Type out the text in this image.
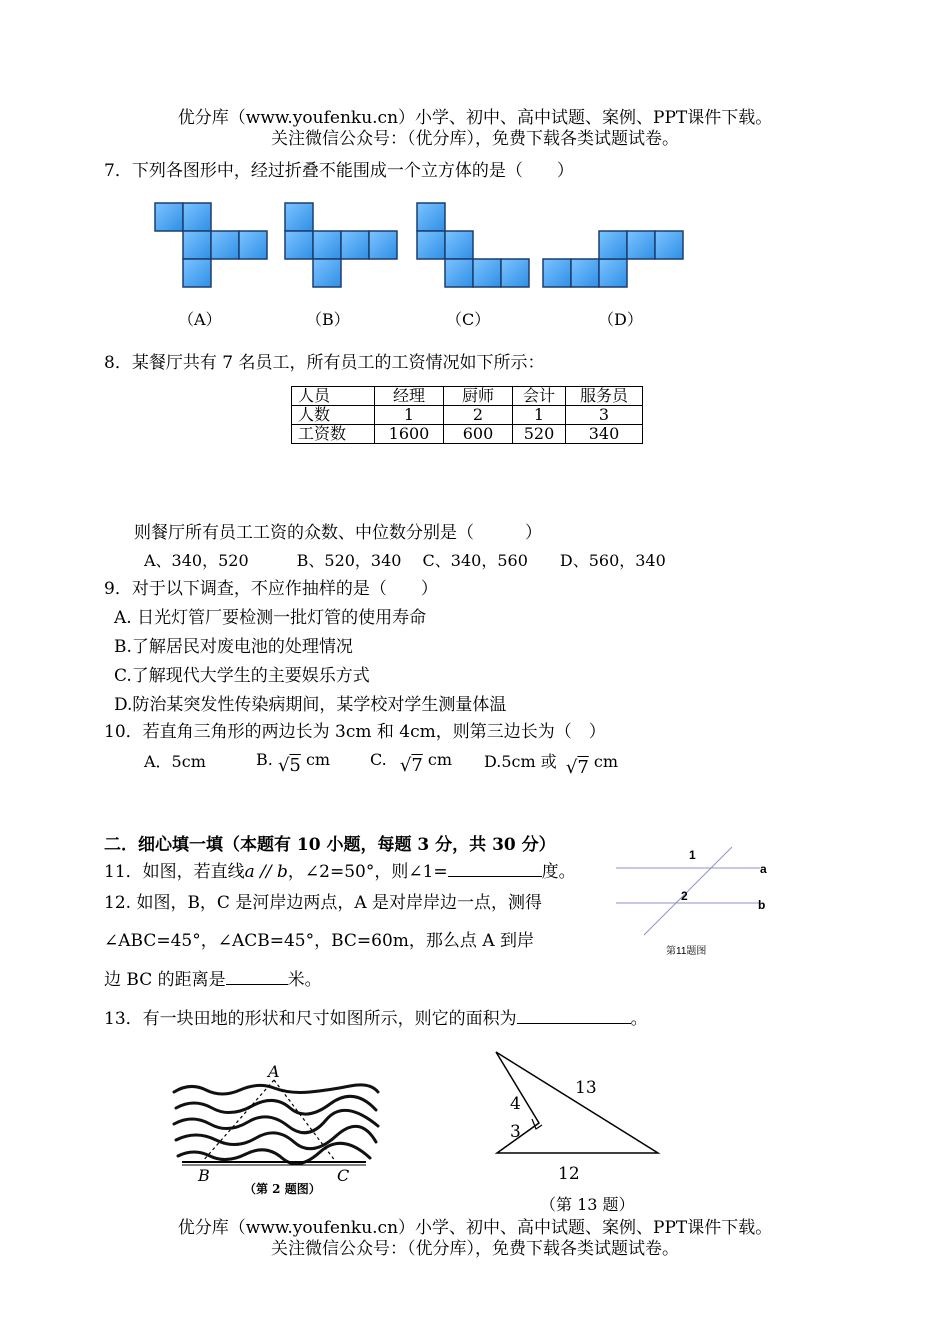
优分库（www.youfenku.cn）小学、初中、高中试题、案例、PPT课件下载。
关注微信公众号：（优分库），免费下载各类试题试卷。
7．下列各图形中，经过折叠不能围成一个立方体的是（　　）
（A）	（B）	（C）	（D）
8．某餐厅共有 7 名员工，所有员工的工资情况如下所示：
人员	经理	厨师	会计	服务员
人数	1	2	1	3
工资数	1600	600	520	340
则餐厅所有员工工资的众数、中位数分别是（　　　）
A、340，520　　　B、520，340　 C、340，560　　D、560，340
9．对于以下调查，不应作抽样的是（　　）
A. 日光灯管厂要检测一批灯管的使用寿命
B.了解居民对废电池的处理情况
C.了解现代大学生的主要娱乐方式
D.防治某突发性传染病期间，某学校对学生测量体温
10．若直角三角形的两边长为 3cm 和 4cm，则第三边长为（　）
A．5cm	B. √5 cm C. √7 cm D.5cm 或 √7 cm
二．细心填一填（本题有 10 小题，每题 3 分，共 30 分）
11．如图，若直线a // b，∠2=50°，则∠1=	度。
1
2
a
b
第11题图
12. 如图，B，C 是河岸边两点，A 是对岸岸边一点，测得
∠ABC=45°，∠ACB=45°，BC=60m，那么点 A 到岸
边 BC 的距离是	米。
13．有一块田地的形状和尺寸如图所示，则它的面积为	。
A
B	C
（第 2 题图）
13
4
3
12
（第 13 题）
优分库（www.youfenku.cn）小学、初中、高中试题、案例、PPT课件下载。
关注微信公众号：（优分库），免费下载各类试题试卷。
